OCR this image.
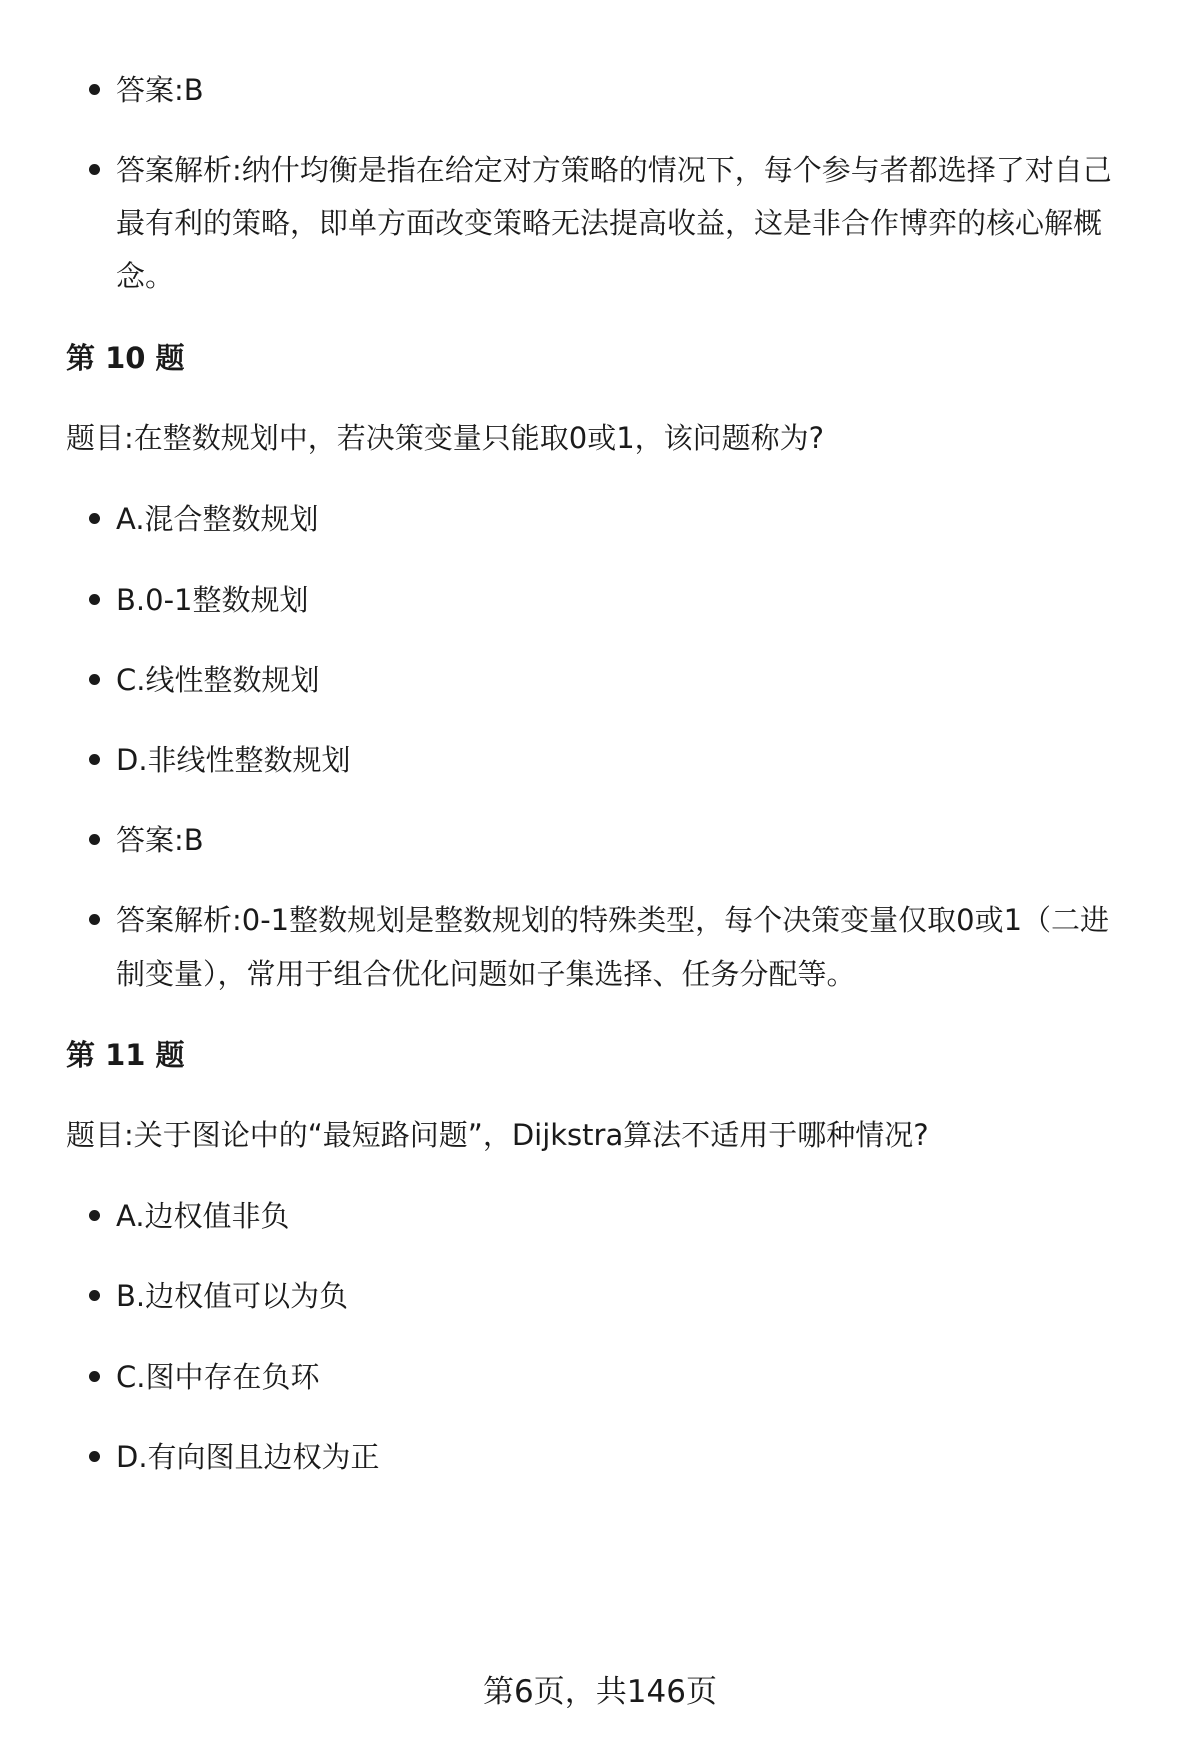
答案:B
答案解析:纳什均衡是指在给定对方策略的情况下，每个参与者都选择了对自己
最有利的策略，即单方面改变策略无法提高收益，这是非合作博弈的核心解概
念。
第 10 题
题目:在整数规划中，若决策变量只能取0或1，该问题称为?
A.混合整数规划
B.0-1整数规划
C.线性整数规划
D.非线性整数规划
答案:B
答案解析:0-1整数规划是整数规划的特殊类型，每个决策变量仅取0或1（二进
制变量），常用于组合优化问题如子集选择、任务分配等。
第 11 题
题目:关于图论中的“最短路问题”，Dijkstra算法不适用于哪种情况?
A.边权值非负
B.边权值可以为负
C.图中存在负环
D.有向图且边权为正
第6页，共146页
